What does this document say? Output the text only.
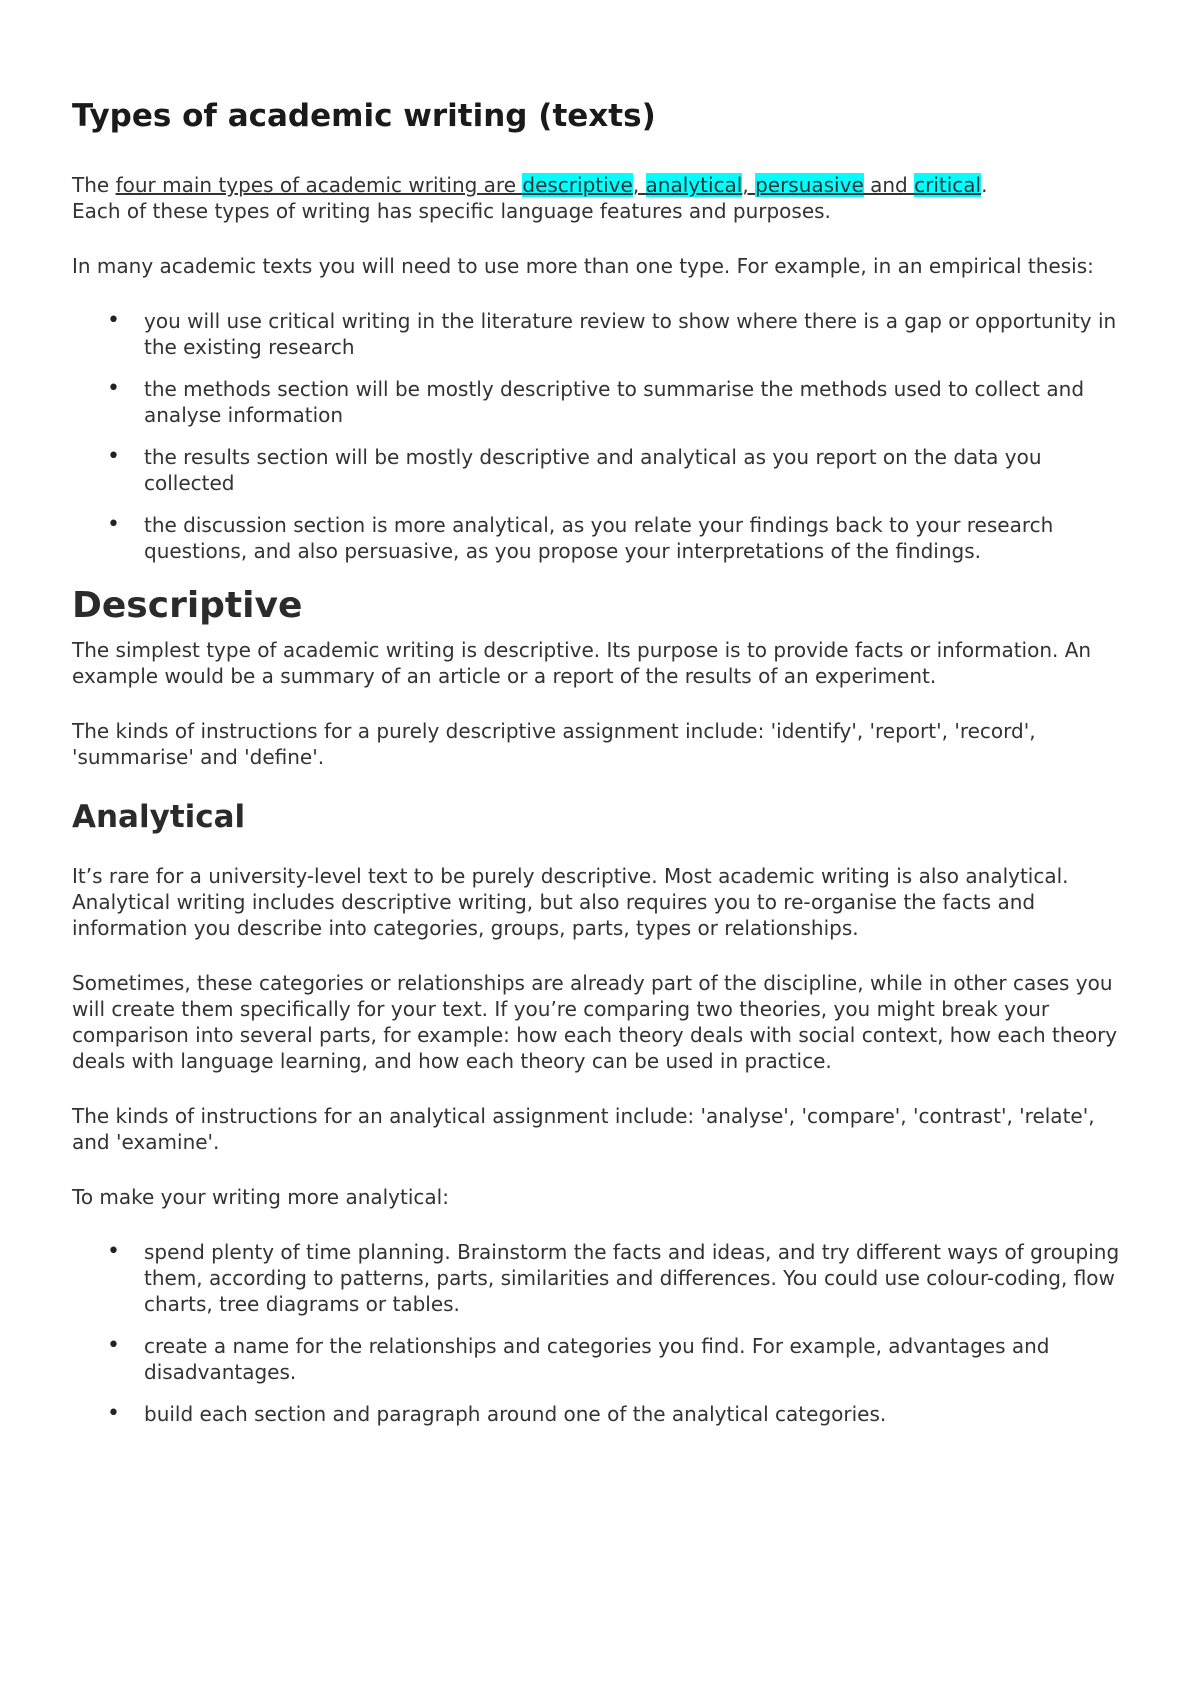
Types of academic writing (texts)

The four main types of academic writing are descriptive, analytical, persuasive and critical.
Each of these types of writing has specific language features and purposes.

In many academic texts you will need to use more than one type. For example, in an empirical thesis:

• you will use critical writing in the literature review to show where there is a gap or opportunity in the existing research
• the methods section will be mostly descriptive to summarise the methods used to collect and analyse information
• the results section will be mostly descriptive and analytical as you report on the data you collected
• the discussion section is more analytical, as you relate your findings back to your research questions, and also persuasive, as you propose your interpretations of the findings.
Descriptive

The simplest type of academic writing is descriptive. Its purpose is to provide facts or information. An example would be a summary of an article or a report of the results of an experiment.

The kinds of instructions for a purely descriptive assignment include: 'identify', 'report', 'record', 'summarise' and 'define'.

Analytical

It’s rare for a university-level text to be purely descriptive. Most academic writing is also analytical. Analytical writing includes descriptive writing, but also requires you to re-organise the facts and information you describe into categories, groups, parts, types or relationships.

Sometimes, these categories or relationships are already part of the discipline, while in other cases you will create them specifically for your text. If you’re comparing two theories, you might break your comparison into several parts, for example: how each theory deals with social context, how each theory deals with language learning, and how each theory can be used in practice.

The kinds of instructions for an analytical assignment include: 'analyse', 'compare', 'contrast', 'relate', and 'examine'.

To make your writing more analytical:

• spend plenty of time planning. Brainstorm the facts and ideas, and try different ways of grouping them, according to patterns, parts, similarities and differences. You could use colour-coding, flow charts, tree diagrams or tables.
• create a name for the relationships and categories you find. For example, advantages and disadvantages.
• build each section and paragraph around one of the analytical categories.
